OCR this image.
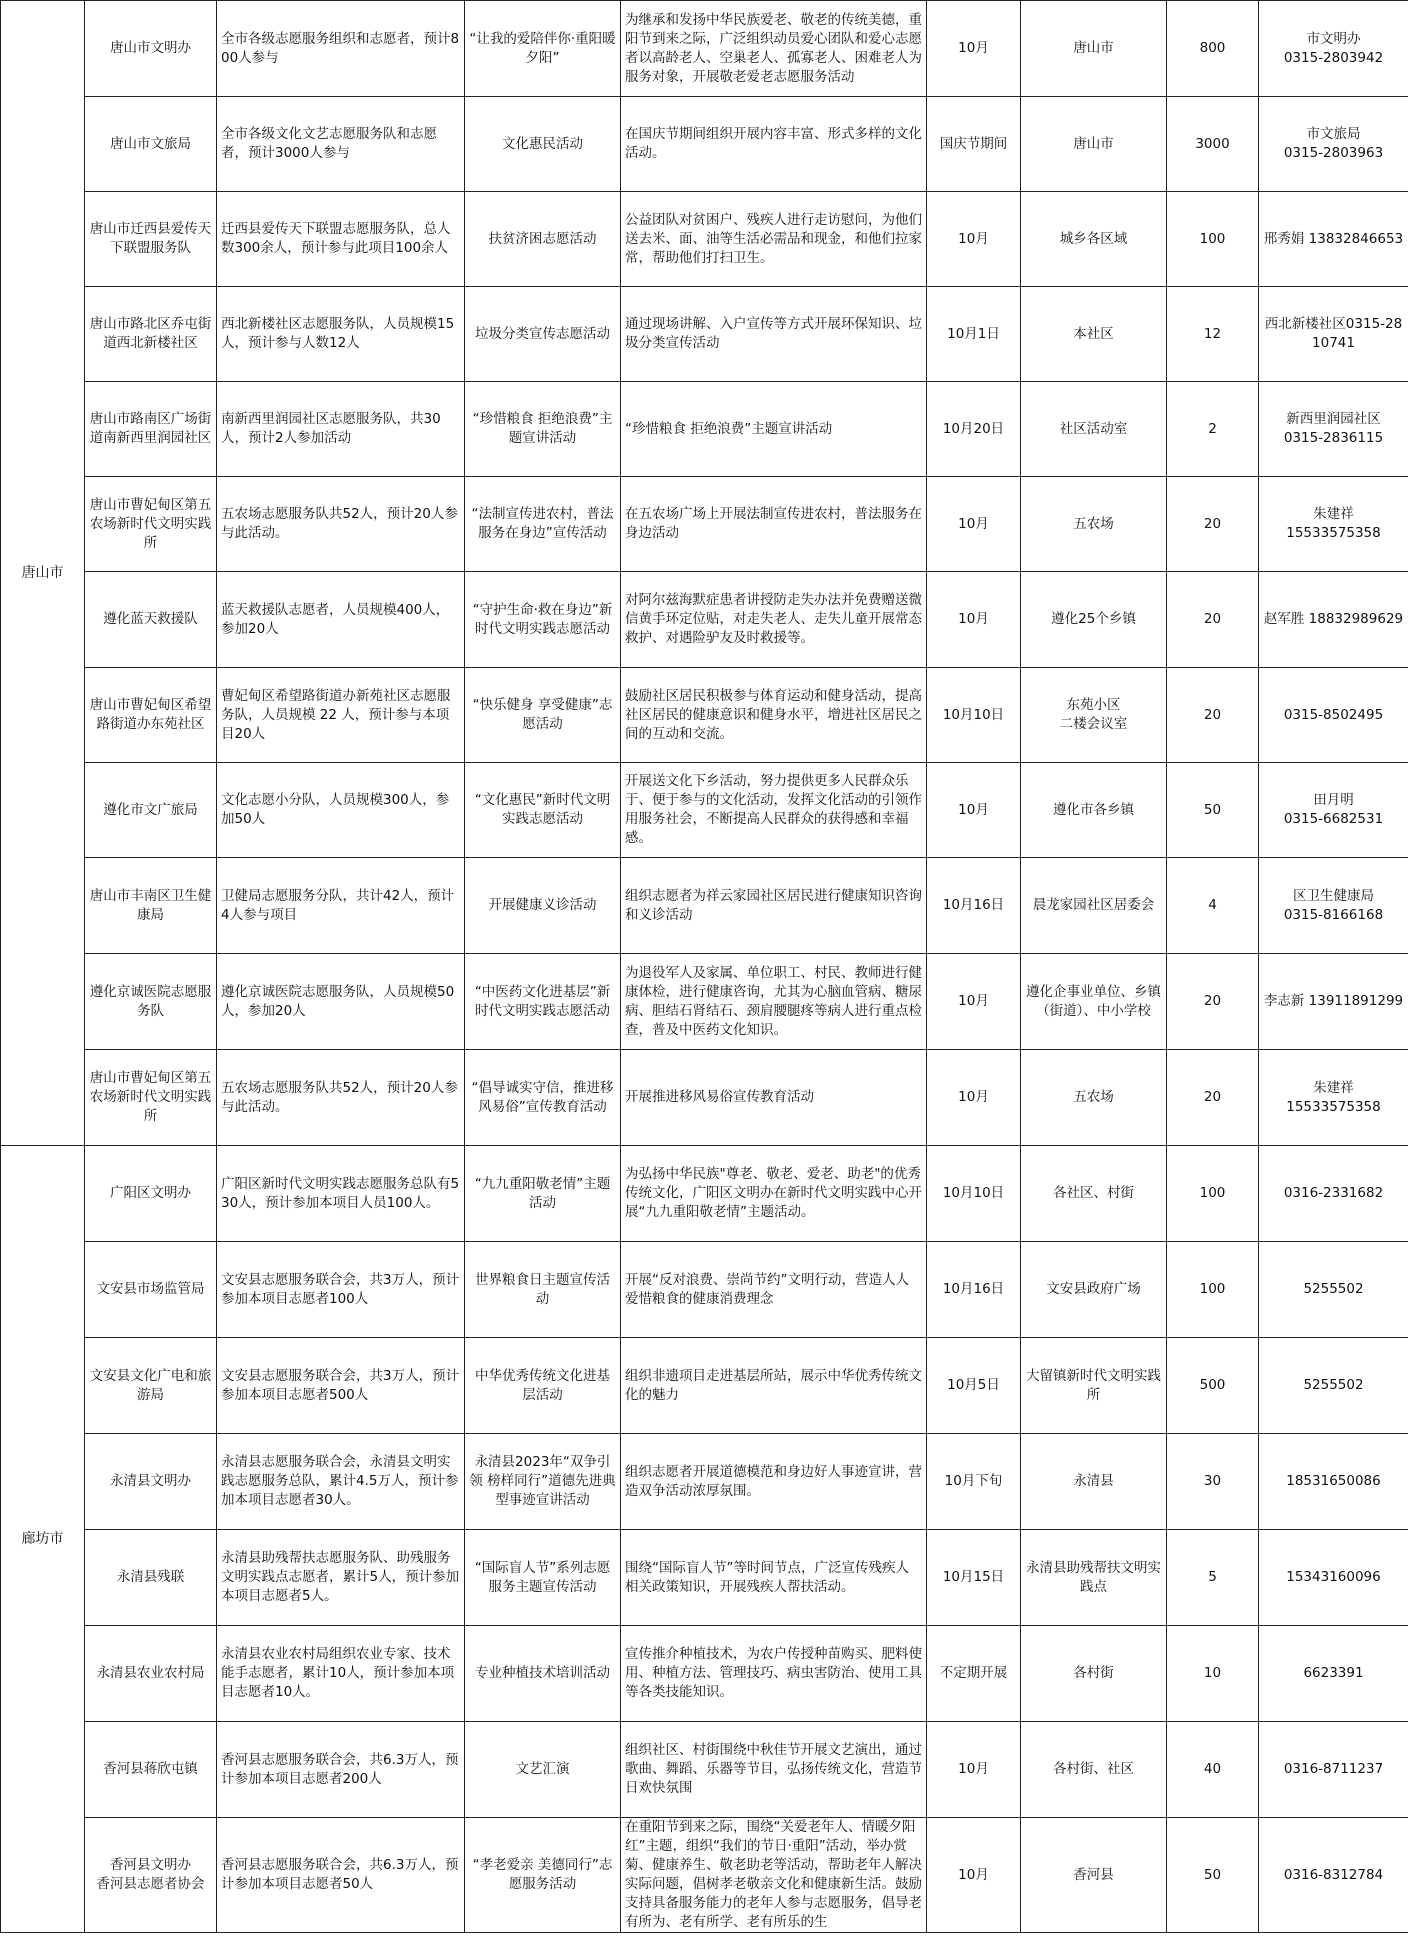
唐山市	唐山市文明办	全市各级志愿服务组织和志愿者，预计800人参与	“让我的爱陪伴你·重阳暖夕阳”	为继承和发扬中华民族爱老、敬老的传统美德，重阳节到来之际，广泛组织动员爱心团队和爱心志愿者以高龄老人、空巢老人、孤寡老人、困难老人为服务对象，开展敬老爱老志愿服务活动	10月	唐山市	800	市文明办
0315-2803942
	唐山市文旅局	全市各级文化文艺志愿服务队和志愿者，预计3000人参与	文化惠民活动	在国庆节期间组织开展内容丰富、形式多样的文化活动。	国庆节期间	唐山市	3000	市文旅局
0315-2803963
	唐山市迁西县爱传天下联盟服务队	迁西县爱传天下联盟志愿服务队，总人数300余人，预计参与此项目100余人	扶贫济困志愿活动	公益团队对贫困户、残疾人进行走访慰问，为他们送去米、面、油等生活必需品和现金，和他们拉家常，帮助他们打扫卫生。	10月	城乡各区域	100	邢秀娟 13832846653
	唐山市路北区乔屯街道西北新楼社区	西北新楼社区志愿服务队，人员规模15人，预计参与人数12人	垃圾分类宣传志愿活动	通过现场讲解、入户宣传等方式开展环保知识、垃圾分类宣传活动	10月1日	本社区	12	西北新楼社区0315-2810741
	唐山市路南区广场街道南新西里润园社区	南新西里润园社区志愿服务队，共30人，预计2人参加活动	“珍惜粮食 拒绝浪费”主题宣讲活动	“珍惜粮食 拒绝浪费”主题宣讲活动	10月20日	社区活动室	2	新西里润园社区
0315-2836115
	唐山市曹妃甸区第五农场新时代文明实践所	五农场志愿服务队共52人，预计20人参与此活动。	“法制宣传进农村，普法服务在身边”宣传活动	在五农场广场上开展法制宣传进农村，普法服务在身边活动	10月	五农场	20	朱建祥
15533575358
	遵化蓝天救援队	蓝天救援队志愿者，人员规模400人，参加20人	“守护生命·救在身边”新时代文明实践志愿活动	对阿尔兹海默症患者讲授防走失办法并免费赠送微信黄手环定位贴，对走失老人、走失儿童开展常态救护、对遇险驴友及时救援等。	10月	遵化25个乡镇	20	赵军胜 18832989629
	唐山市曹妃甸区希望路街道办东苑社区	曹妃甸区希望路街道办新苑社区志愿服务队，人员规模 22 人，预计参与本项目20人	“快乐健身 享受健康”志愿活动	鼓励社区居民积极参与体育运动和健身活动，提高社区居民的健康意识和健身水平，增进社区居民之间的互动和交流。	10月10日	东苑小区
二楼会议室	20	0315-8502495
	遵化市文广旅局	文化志愿小分队，人员规模300人，参加50人	“文化惠民”新时代文明实践志愿活动	开展送文化下乡活动，努力提供更多人民群众乐于、便于参与的文化活动，发挥文化活动的引领作用服务社会，不断提高人民群众的获得感和幸福感。	10月	遵化市各乡镇	50	田月明
0315-6682531
	唐山市丰南区卫生健康局	卫健局志愿服务分队，共计42人，预计4人参与项目	开展健康义诊活动	组织志愿者为祥云家园社区居民进行健康知识咨询和义诊活动	10月16日	晨龙家园社区居委会	4	区卫生健康局
0315-8166168
	遵化京诚医院志愿服务队	遵化京诚医院志愿服务队，人员规模50人，参加20人	“中医药文化进基层”新时代文明实践志愿活动	为退役军人及家属、单位职工、村民、教师进行健康体检，进行健康咨询，尤其为心脑血管病、糖尿病、胆结石肾结石、颈肩腰腿疼等病人进行重点检查，普及中医药文化知识。	10月	遵化企事业单位、乡镇（街道）、中小学校	20	李志新 13911891299
	唐山市曹妃甸区第五农场新时代文明实践所	五农场志愿服务队共52人，预计20人参与此活动。	“倡导诚实守信，推进移风易俗”宣传教育活动	开展推进移风易俗宣传教育活动	10月	五农场	20	朱建祥
15533575358
廊坊市	广阳区文明办	广阳区新时代文明实践志愿服务总队有530人，预计参加本项目人员100人。	“九九重阳敬老情”主题活动	为弘扬中华民族"尊老、敬老、爱老、助老"的优秀传统文化，广阳区文明办在新时代文明实践中心开展“九九重阳敬老情”主题活动。	10月10日	各社区、村街	100	0316-2331682
	文安县市场监管局	文安县志愿服务联合会，共3万人，预计参加本项目志愿者100人	世界粮食日主题宣传活动	开展“反对浪费、崇尚节约”文明行动，营造人人爱惜粮食的健康消费理念	10月16日	文安县政府广场	100	5255502
	文安县文化广电和旅游局	文安县志愿服务联合会，共3万人，预计参加本项目志愿者500人	中华优秀传统文化进基层活动	组织非遗项目走进基层所站，展示中华优秀传统文化的魅力	10月5日	大留镇新时代文明实践所	500	5255502
	永清县文明办	永清县志愿服务联合会，永清县文明实践志愿服务总队，累计4.5万人，预计参加本项目志愿者30人。	永清县2023年“双争引领 榜样同行”道德先进典型事迹宣讲活动	组织志愿者开展道德模范和身边好人事迹宣讲，营造双争活动浓厚氛围。	10月下旬	永清县	30	18531650086
	永清县残联	永清县助残帮扶志愿服务队、助残服务文明实践点志愿者，累计5人，预计参加本项目志愿者5人。	“国际盲人节”系列志愿服务主题宣传活动	围绕“国际盲人节”等时间节点，广泛宣传残疾人相关政策知识，开展残疾人帮扶活动。	10月15日	永清县助残帮扶文明实践点	5	15343160096
	永清县农业农村局	永清县农业农村局组织农业专家、技术能手志愿者，累计10人，预计参加本项目志愿者10人。	专业种植技术培训活动	宣传推介种植技术，为农户传授种苗购买、肥料使用、种植方法、管理技巧、病虫害防治、使用工具等各类技能知识。	不定期开展	各村街	10	6623391
	香河县蒋欣屯镇	香河县志愿服务联合会，共6.3万人，预计参加本项目志愿者200人	文艺汇演	组织社区、村街围绕中秋佳节开展文艺演出，通过歌曲、舞蹈、乐器等节目，弘扬传统文化，营造节日欢快氛围	10月	各村街、社区	40	0316-8711237
	香河县文明办
香河县志愿者协会	香河县志愿服务联合会，共6.3万人，预计参加本项目志愿者50人	“孝老爱亲 美德同行”志愿服务活动	在重阳节到来之际，围绕“关爱老年人、情暖夕阳红”主题，组织“我们的节日·重阳”活动，举办赏菊、健康养生、敬老助老等活动，帮助老年人解决实际问题，倡树孝老敬亲文化和健康新生活。鼓励支持具备服务能力的老年人参与志愿服务，倡导老有所为、老有所学、老有所乐的生	10月	香河县	50	0316-8312784
